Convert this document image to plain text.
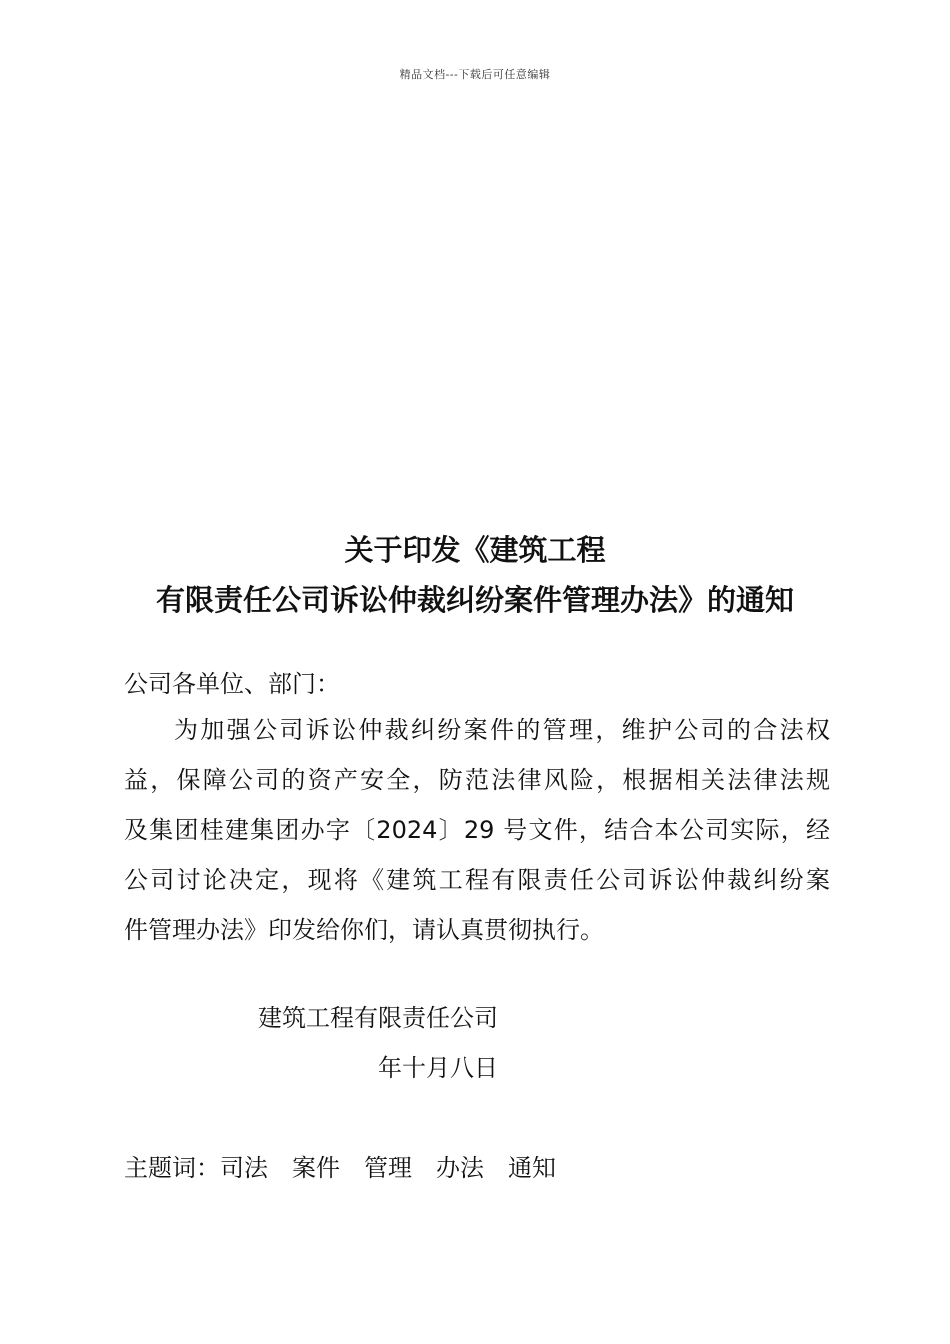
精品文档---下载后可任意编辑
关于印发《建筑工程
有限责任公司诉讼仲裁纠纷案件管理办法》的通知
公司各单位、部门：
为加强公司诉讼仲裁纠纷案件的管理，维护公司的合法权
益，保障公司的资产安全，防范法律风险，根据相关法律法规
及集团桂建集团办字〔2024〕29 号文件，结合本公司实际，经
公司讨论决定，现将《建筑工程有限责任公司诉讼仲裁纠纷案
件管理办法》印发给你们，请认真贯彻执行。
建筑工程有限责任公司
年十月八日
主题词：司法 案件 管理 办法 通知
